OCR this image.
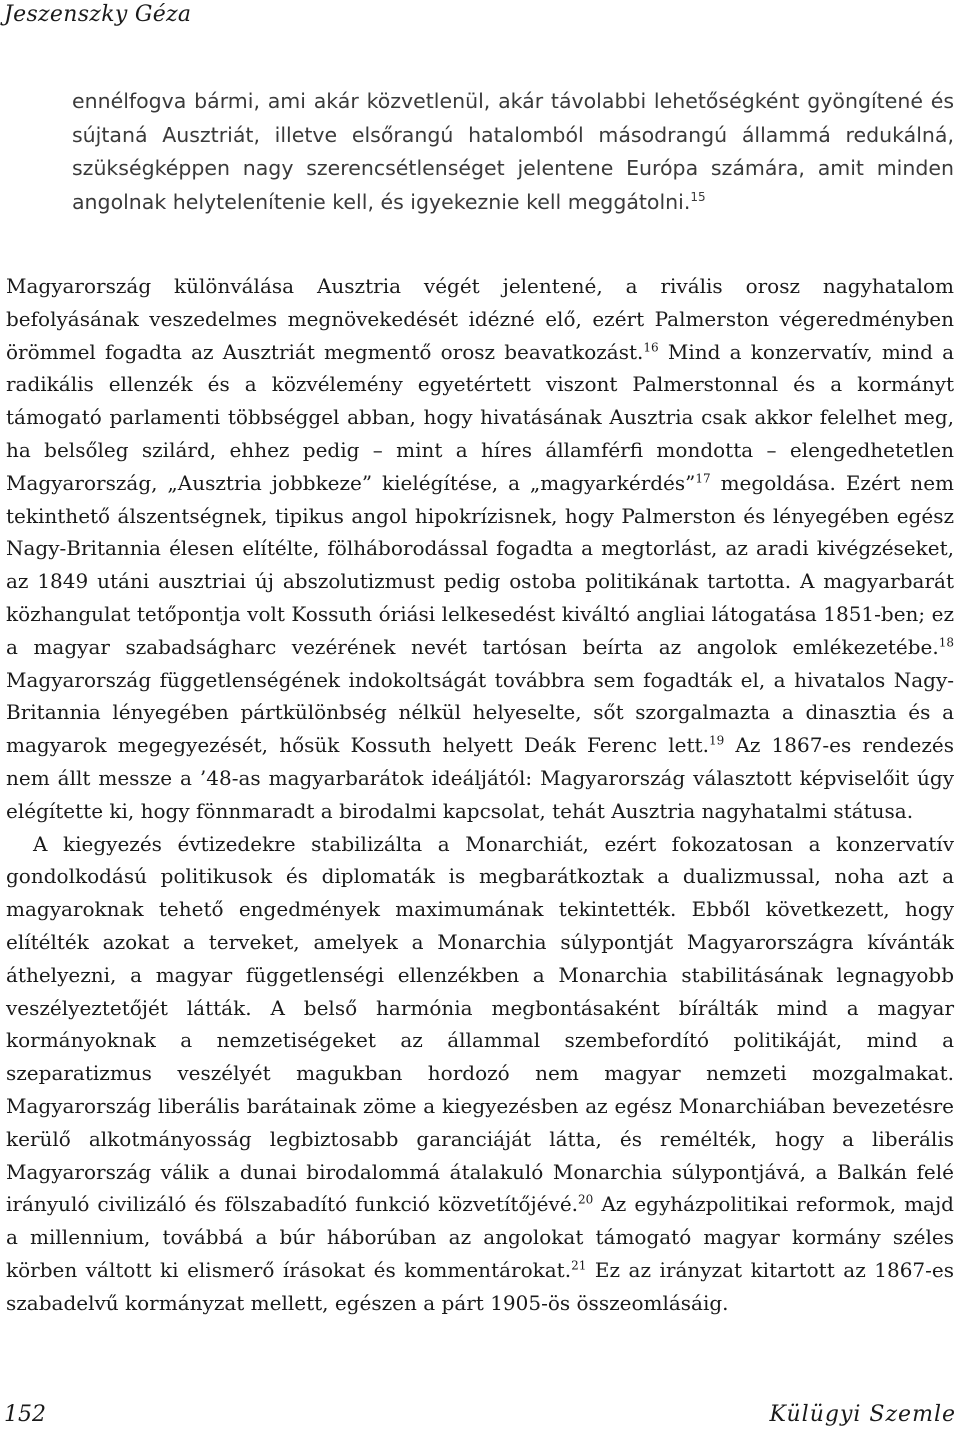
Jeszenszky Géza

ennélfogva bármi, ami akár közvetlenül, akár távolabbi lehetőségként gyöngítené és sújtaná Ausztriát, illetve elsőrangú hatalomból másodrangú állammá redukálná, szükségképpen nagy szerencsétlenséget jelentene Európa számára, amit minden angolnak helytelenítenie kell, és igyekeznie kell meggátolni.$^{15}$

Magyarország különválása Ausztria végét jelentené, a rivális orosz nagyhatalom befolyásának veszedelmes megnövekedését idézné elő, ezért Palmerston végeredményben örömmel fogadta az Ausztriát megmentő orosz beavatkozást.$^{16}$ Mind a konzervatív, mind a radikális ellenzék és a közvélemény egyetértett viszont Palmerstonnal és a kormányt támogató parlamenti többséggel abban, hogy hivatásának Ausztria csak akkor felelhet meg, ha belsőleg szilárd, ehhez pedig – mint a híres államférfi mondotta – elengedhetetlen Magyarország, „Ausztria jobbkeze” kielégítése, a „magyarkérdés”$^{17}$ megoldása. Ezért nem tekinthető álszentségnek, tipikus angol hipokrízisnek, hogy Palmerston és lényegében egész Nagy-Britannia élesen elítélte, fölháborodással fogadta a megtorlást, az aradi kivégzéseket, az 1849 utáni ausztriai új abszolutizmust pedig ostoba politikának tartotta. A magyarbarát közhangulat tetőpontja volt Kossuth óriási lelkesedést kiváltó angliai látogatása 1851-ben; ez a magyar szabadságharc vezérének nevét tartósan beírta az angolok emlékezetébe.$^{18}$ Magyarország függetlenségének indokoltságát továbbra sem fogadták el, a hivatalos Nagy-Britannia lényegében pártkülönbség nélkül helyeselte, sőt szorgalmazta a dinasztia és a magyarok megegyezését, hősük Kossuth helyett Deák Ferenc lett.$^{19}$ Az 1867-es rendezés nem állt messze a ’48-as magyarbarátok ideáljától: Magyarország választott képviselőit úgy elégítette ki, hogy fönnmaradt a birodalmi kapcsolat, tehát Ausztria nagyhatalmi státusa.

A kiegyezés évtizedekre stabilizálta a Monarchiát, ezért fokozatosan a konzervatív gondolkodású politikusok és diplomaták is megbarátkoztak a dualizmussal, noha azt a magyaroknak tehető engedmények maximumának tekintették. Ebből következett, hogy elítélték azokat a terveket, amelyek a Monarchia súlypontját Magyarországra kívánták áthelyezni, a magyar függetlenségi ellenzékben a Monarchia stabilitásának legnagyobb veszélyeztetőjét látták. A belső harmónia megbontásaként bírálták mind a magyar kormányoknak a nemzetiségeket az állammal szembefordító politikáját, mind a szeparatizmus veszélyét magukban hordozó nem magyar nemzeti mozgalmakat. Magyarország liberális barátainak zöme a kiegyezésben az egész Monarchiában bevezetésre kerülő alkotmányosság legbiztosabb garanciáját látta, és remélték, hogy a liberális Magyarország válik a dunai birodalommá átalakuló Monarchia súlypontjává, a Balkán felé irányuló civilizáló és fölszabadító funkció közvetítőjévé.$^{20}$ Az egyházpolitikai reformok, majd a millennium, továbbá a búr háborúban az angolokat támogató magyar kormány széles körben váltott ki elismerő írásokat és kommentárokat.$^{21}$ Ez az irányzat kitartott az 1867-es szabadelvű kormányzat mellett, egészen a párt 1905-ös összeomlásáig.

152	Külügyi Szemle
